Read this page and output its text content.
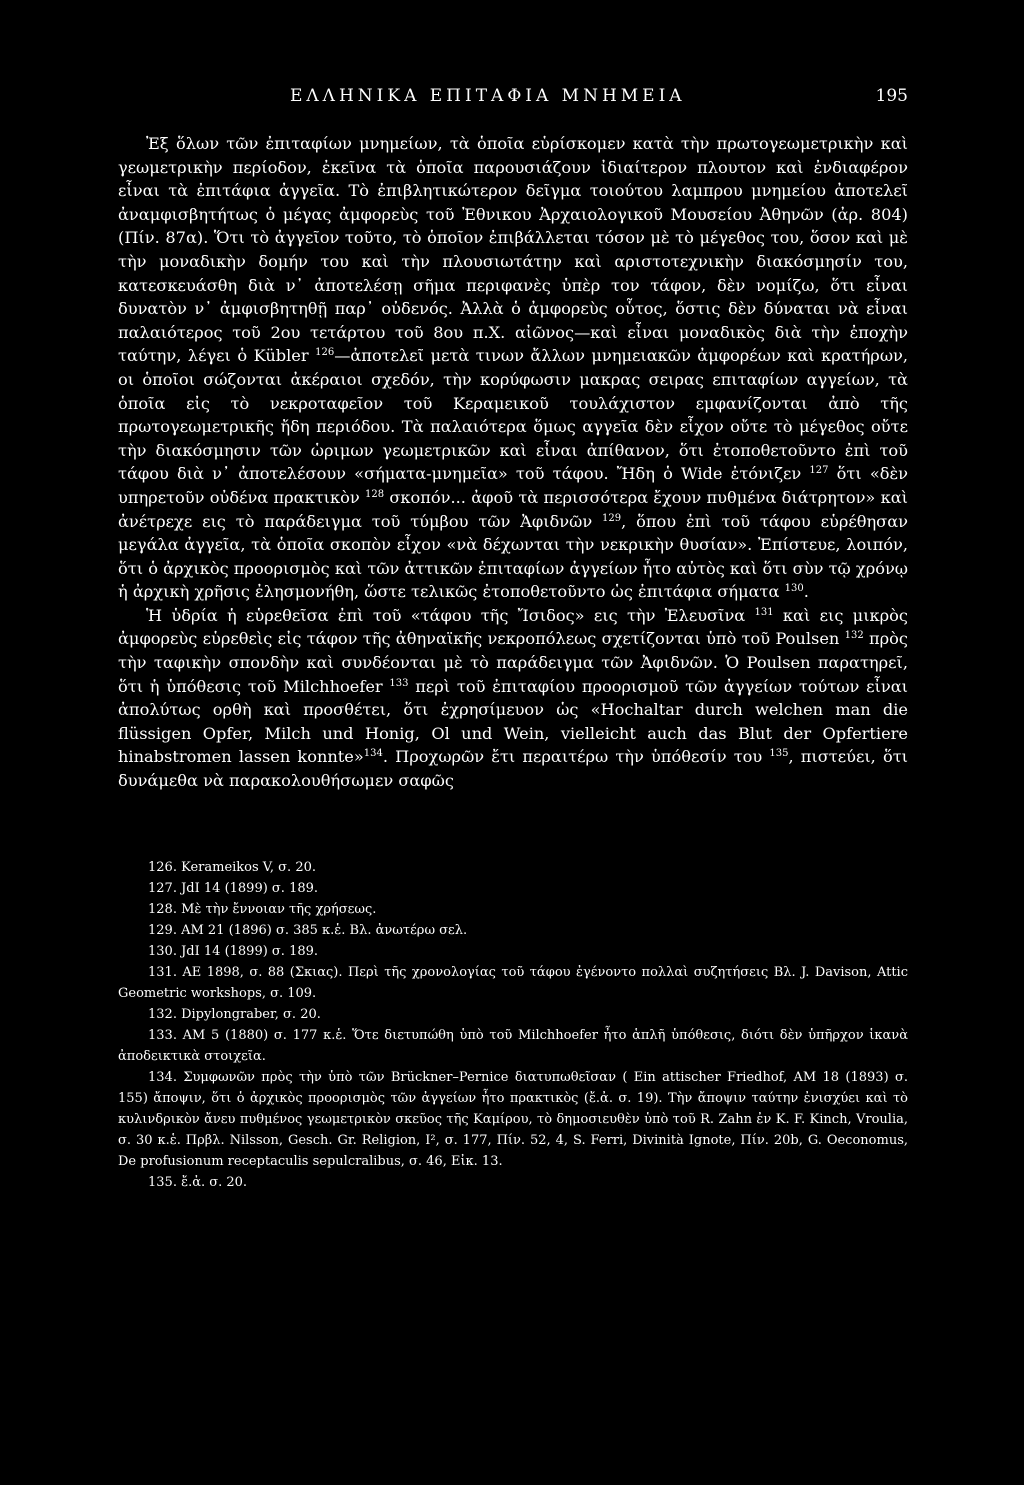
ΕΛΛΗΝΙΚΑ ΕΠΙΤΑΦΙΑ ΜΝΗΜΕΙΑ	195

Ἐξ ὅλων τῶν ἐπιταφίων μνημείων, τὰ ὁποῖα εὑρίσκομεν κατὰ τὴν πρωτογεωμετρικὴν καὶ γεωμετρικὴν περίοδον, ἐκεῖνα τὰ ὁποῖα παρουσιάζουν ἰδιαίτερον πλουτον καὶ ἐνδιαφέρον εἶναι τὰ ἐπιτάφια ἀγγεῖα. Τὸ ἐπιβλητικώτερον δεῖγμα τοιούτου λαμπρου μνημείου ἀποτελεῖ ἀναμφισβητήτως ὁ μέγας ἀμφορεὺς τοῦ Ἐθνικου Ἀρχαιολογικοῦ Μουσείου Ἀθηνῶν (ἀρ. 804) (Πίν. 87α). Ὅτι τὸ ἀγγεῖον τοῦτο, τὸ ὁποῖον ἐπιβάλλεται τόσον μὲ τὸ μέγεθος του, ὅσον καὶ μὲ τὴν μοναδικὴν δομήν του καὶ τὴν πλουσιωτάτην καὶ αριστοτεχνικὴν διακόσμησίν του, κατεσκευάσθη διὰ ν᾽ ἀποτελέσῃ σῆμα περιφανὲς ὑπὲρ τον τάφον, δὲν νομίζω, ὅτι εἶναι δυνατὸν ν᾽ ἀμφισβητηθῇ παρ᾽ οὐδενός. Ἀλλὰ ὁ ἀμφορεὺς οὗτος, ὅστις δὲν δύναται νὰ εἶναι παλαιότερος τοῦ 2ου τετάρτου τοῦ 8ου π.Χ. αἰῶνος—καὶ εἶναι μοναδικὸς διὰ τὴν ἐποχὴν ταύτην, λέγει ὁ Kübler $^{126}$—ἀποτελεῖ μετὰ τινων ἄλλων μνημειακῶν ἀμφορέων καὶ κρατήρων, οι ὁποῖοι σώζονται ἀκέραιοι σχεδόν, τὴν κορύφωσιν μακρας σειρας επιταφίων αγγείων, τὰ ὁποῖα εἰς τὸ νεκροταφεῖον τοῦ Κεραμεικοῦ τουλάχιστον εμφανίζονται ἀπὸ τῆς πρωτογεωμετρικῆς ἤδη περιόδου. Τὰ παλαιότερα ὅμως αγγεῖα δὲν εἶχον οὔτε τὸ μέγεθος οὔτε τὴν διακόσμησιν τῶν ὡριμων γεωμετρικῶν καὶ εἶναι ἀπίθανον, ὅτι ἐτοποθετοῦντο ἐπὶ τοῦ τάφου διὰ ν᾽ ἀποτελέσουν «σήματα-μνημεῖα» τοῦ τάφου. Ἤδη ὁ Wide ἐτόνιζεν $^{127}$ ὅτι «δὲν υπηρετοῦν οὐδένα πρακτικὸν $^{128}$ σκοπόν... ἀφοῦ τὰ περισσότερα ἔχουν πυθμένα διάτρητον» καὶ ἀνέτρεχε εις τὸ παράδειγμα τοῦ τύμβου τῶν Ἀφιδνῶν $^{129}$, ὅπου ἐπὶ τοῦ τάφου εὑρέθησαν μεγάλα ἀγγεῖα, τὰ ὁποῖα σκοπὸν εἶχον «νὰ δέχωνται τὴν νεκρικὴν θυσίαν». Ἐπίστευε, λοιπόν, ὅτι ὁ ἀρχικὸς προορισμὸς καὶ τῶν ἀττικῶν ἐπιταφίων ἀγγείων ἦτο αὐτὸς καὶ ὅτι σὺν τῷ χρόνῳ ἡ ἀρχικὴ χρῆσις ἐλησμονήθη, ὥστε τελικῶς ἐτοποθετοῦντο ὡς ἐπιτάφια σήματα $^{130}$.

Ἡ ὑδρία ἡ εὑρεθεῖσα ἐπὶ τοῦ «τάφου τῆς Ἴσιδος» εις τὴν Ἐλευσῖνα $^{131}$ καὶ εις μικρὸς ἀμφορεὺς εὑρεθεὶς εἰς τάφον τῆς ἀθηναϊκῆς νεκροπόλεως σχετίζονται ὑπὸ τοῦ Poulsen $^{132}$ πρὸς τὴν ταφικὴν σπονδὴν καὶ συνδέονται μὲ τὸ παράδειγμα τῶν Ἀφιδνῶν. Ὁ Poulsen παρατηρεῖ, ὅτι ἡ ὑπόθεσις τοῦ Milchhoefer $^{133}$ περὶ τοῦ ἐπιταφίου προορισμοῦ τῶν ἀγγείων τούτων εἶναι ἀπολύτως ορθὴ καὶ προσθέτει, ὅτι ἐχρησίμευον ὡς «Hochaltar durch welchen man die flüssigen Opfer, Milch und Honig, Ol und Wein, vielleicht auch das Blut der Opfertiere hinabstromen lassen konnte»$^{134}$. Προχωρῶν ἔτι περαιτέρω τὴν ὑπόθεσίν του $^{135}$, πιστεύει, ὅτι δυνάμεθα νὰ παρακολουθήσωμεν σαφῶς

126. Kerameikos V, σ. 20.
127. JdI 14 (1899) σ. 189.
128. Μὲ τὴν ἔννοιαν τῆς χρήσεως.
129. AM 21 (1896) σ. 385 κ.ἑ. Βλ. ἀνωτέρω σελ.
130. JdI 14 (1899) σ. 189.
131. AE 1898, σ. 88 (Σκιας). Περὶ τῆς χρονολογίας τοῦ τάφου ἐγένοντο πολλαὶ συζητήσεις Βλ. J. Davison, Attic Geometric workshops, σ. 109.
132. Dipylongraber, σ. 20.
133. AM 5 (1880) σ. 177 κ.ἑ. Ὅτε διετυπώθη ὑπὸ τοῦ Milchhoefer ἦτο ἁπλῆ ὑπόθεσις, διότι δὲν ὑπῆρχον ἱκανὰ ἀποδεικτικὰ στοιχεῖα.
134. Συμφωνῶν πρὸς τὴν ὑπὸ τῶν Brückner–Pernice διατυπωθεῖσαν ( Ein attischer Friedhof, AM 18 (1893) σ. 155) ἄποψιν, ὅτι ὁ ἀρχικὸς προορισμὸς τῶν ἀγγείων ἦτο πρακτικὸς (ἔ.ἀ. σ. 19). Τὴν ἄποψιν ταύτην ἐνισχύει καὶ τὸ κυλινδρικὸν ἄνευ πυθμένος γεωμετρικὸν σκεῦος τῆς Καμίρου, τὸ δημοσιευθὲν ὑπὸ τοῦ R. Zahn ἐν K. F. Kinch, Vroulia, σ. 30 κ.ἑ. Πρβλ. Nilsson, Gesch. Gr. Religion, I², σ. 177, Πίν. 52, 4, S. Ferri, Divinità Ignote, Πίν. 20b, G. Oeconomus, De profusionum receptaculis sepulcralibus, σ. 46, Εἰκ. 13.
135. ἔ.ἀ. σ. 20.
